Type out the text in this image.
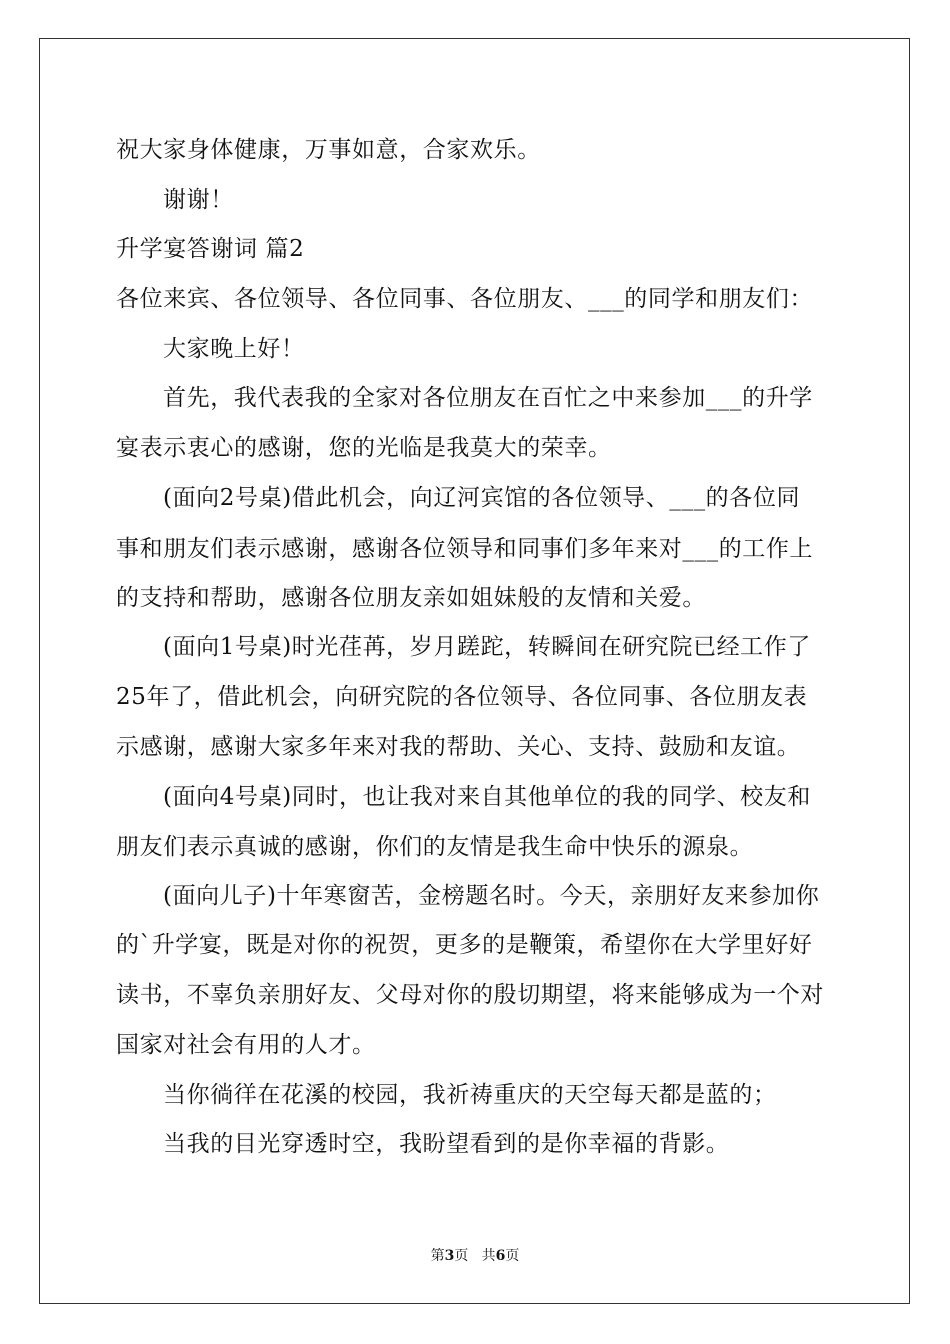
祝大家身体健康，万事如意，合家欢乐。
谢谢！
升学宴答谢词 篇2
各位来宾、各位领导、各位同事、各位朋友、___的同学和朋友们：
大家晚上好！
首先，我代表我的全家对各位朋友在百忙之中来参加___的升学
宴表示衷心的感谢，您的光临是我莫大的荣幸。
(面向2号桌)借此机会，向辽河宾馆的各位领导、___的各位同
事和朋友们表示感谢，感谢各位领导和同事们多年来对___的工作上
的支持和帮助，感谢各位朋友亲如姐妹般的友情和关爱。
(面向1号桌)时光荏苒，岁月蹉跎，转瞬间在研究院已经工作了
25年了，借此机会，向研究院的各位领导、各位同事、各位朋友表
示感谢，感谢大家多年来对我的帮助、关心、支持、鼓励和友谊。
(面向4号桌)同时，也让我对来自其他单位的我的同学、校友和
朋友们表示真诚的感谢，你们的友情是我生命中快乐的源泉。
(面向儿子)十年寒窗苦，金榜题名时。今天，亲朋好友来参加你
的`升学宴，既是对你的祝贺，更多的是鞭策，希望你在大学里好好
读书，不辜负亲朋好友、父母对你的殷切期望，将来能够成为一个对
国家对社会有用的人才。
当你徜徉在花溪的校园，我祈祷重庆的天空每天都是蓝的；
当我的目光穿透时空，我盼望看到的是你幸福的背影。
第3页 共6页
